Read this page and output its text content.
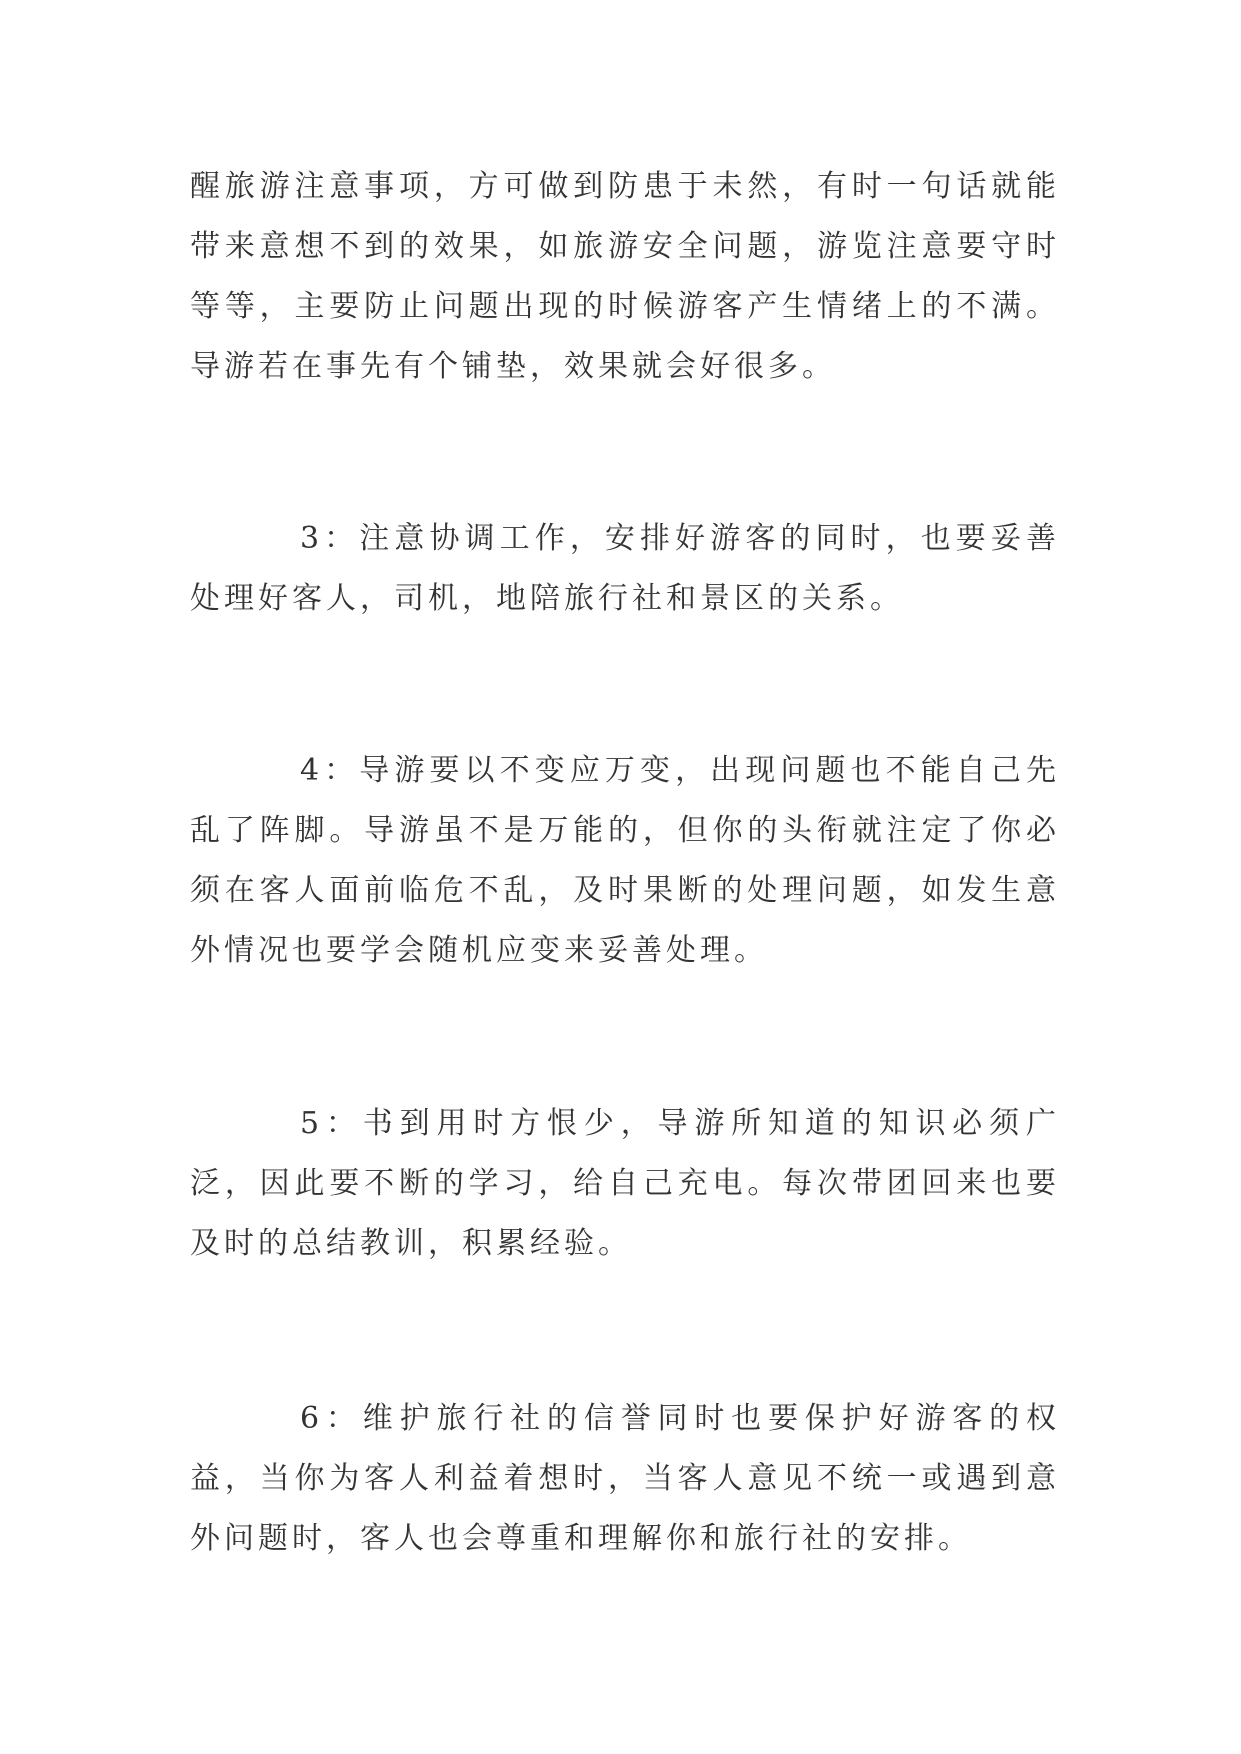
醒旅游注意事项，方可做到防患于未然，有时一句话就能带来意想不到的效果，如旅游安全问题，游览注意要守时等等，主要防止问题出现的时候游客产生情绪上的不满。导游若在事先有个铺垫，效果就会好很多。

3：注意协调工作，安排好游客的同时，也要妥善处理好客人，司机，地陪旅行社和景区的关系。

4：导游要以不变应万变，出现问题也不能自己先乱了阵脚。导游虽不是万能的，但你的头衔就注定了你必须在客人面前临危不乱，及时果断的处理问题，如发生意外情况也要学会随机应变来妥善处理。

5：书到用时方恨少，导游所知道的知识必须广泛，因此要不断的学习，给自己充电。每次带团回来也要及时的总结教训，积累经验。

6：维护旅行社的信誉同时也要保护好游客的权益，当你为客人利益着想时，当客人意见不统一或遇到意外问题时，客人也会尊重和理解你和旅行社的安排。
